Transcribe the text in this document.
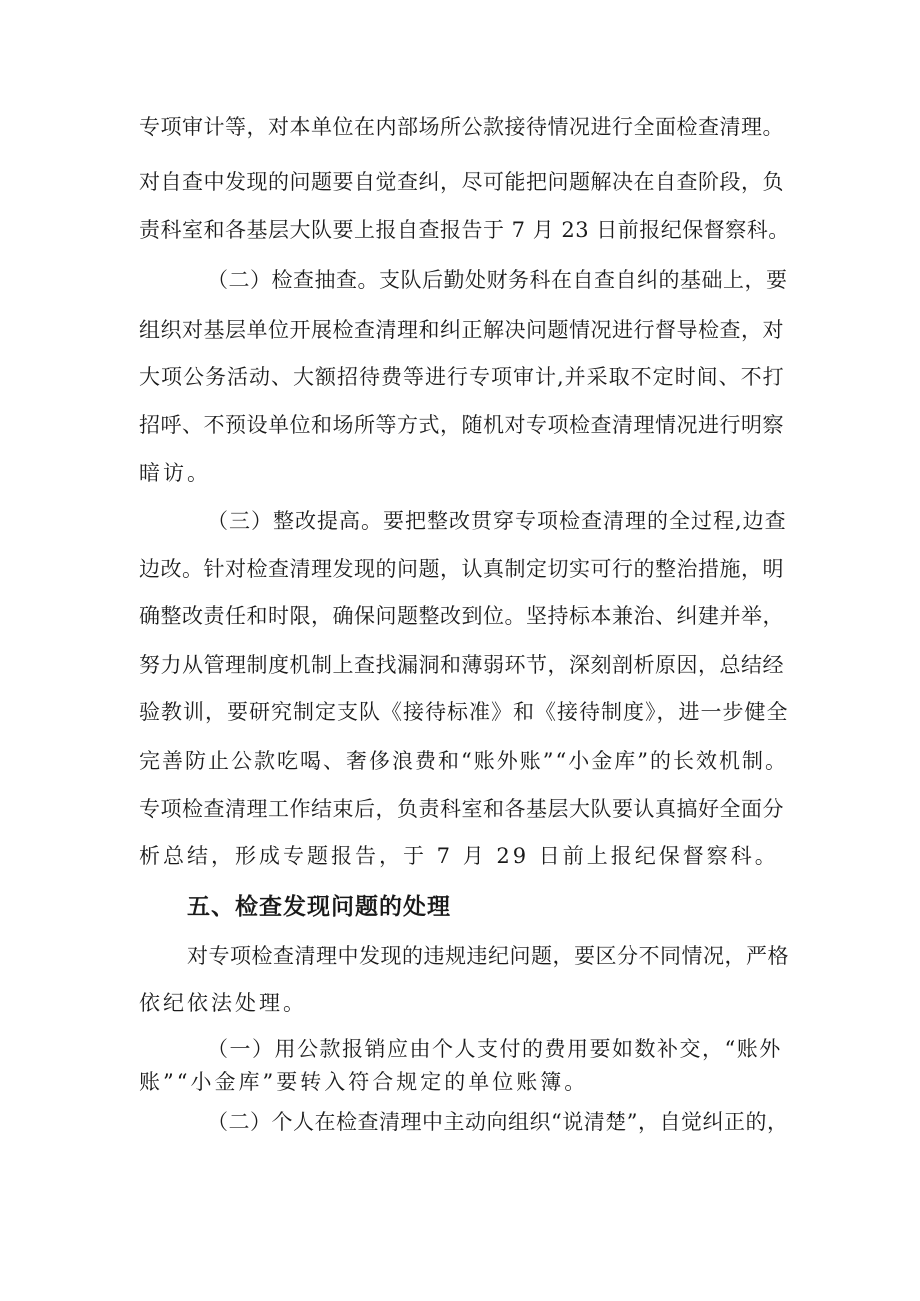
专项审计等，对本单位在内部场所公款接待情况进行全面检查清理。
对自查中发现的问题要自觉查纠，尽可能把问题解决在自查阶段，负
责科室和各基层大队要上报自查报告于 7 月 23 日前报纪保督察科。
（二）检查抽查。支队后勤处财务科在自查自纠的基础上，要
组织对基层单位开展检查清理和纠正解决问题情况进行督导检查，对
大项公务活动、大额招待费等进行专项审计,并采取不定时间、不打
招呼、不预设单位和场所等方式，随机对专项检查清理情况进行明察
暗访。
（三）整改提高。要把整改贯穿专项检查清理的全过程,边查
边改。针对检查清理发现的问题，认真制定切实可行的整治措施，明
确整改责任和时限，确保问题整改到位。坚持标本兼治、纠建并举，
努力从管理制度机制上查找漏洞和薄弱环节，深刻剖析原因，总结经
验教训，要研究制定支队《接待标准》和《接待制度》，进一步健全
完善防止公款吃喝、奢侈浪费和“账外账”“小金库”的长效机制。
专项检查清理工作结束后，负责科室和各基层大队要认真搞好全面分
析总结，形成专题报告，于 7 月 29 日前上报纪保督察科。
五、检查发现问题的处理
对专项检查清理中发现的违规违纪问题，要区分不同情况，严格
依纪依法处理。
（一）用公款报销应由个人支付的费用要如数补交，“账外
账”“小金库”要转入符合规定的单位账簿。
（二）个人在检查清理中主动向组织“说清楚”，自觉纠正的，
